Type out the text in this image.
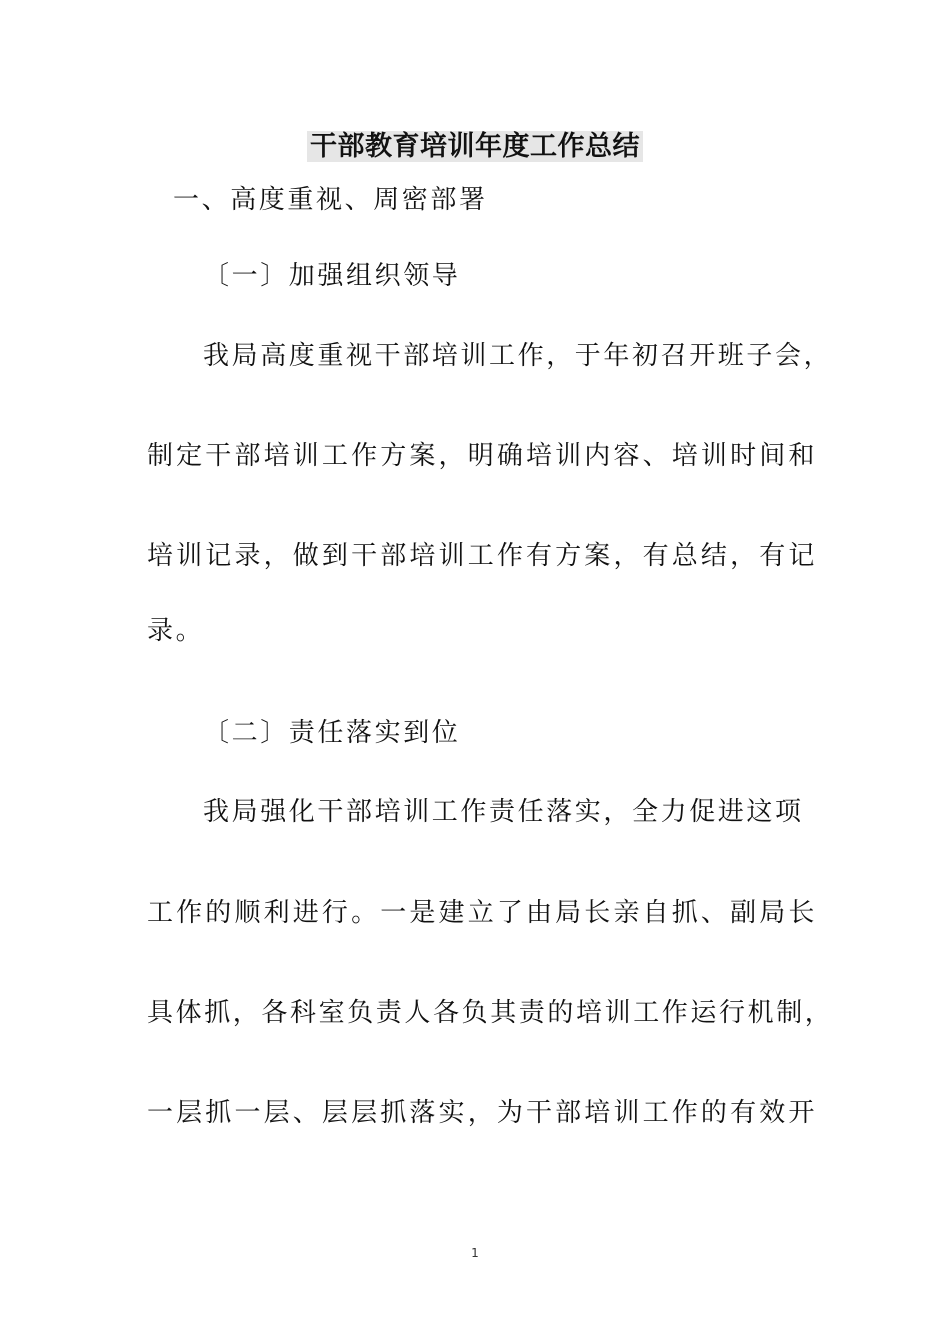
干部教育培训年度工作总结
一、高度重视、周密部署
〔一〕加强组织领导
我局高度重视干部培训工作，于年初召开班子会，
制定干部培训工作方案，明确培训内容、培训时间和
培训记录，做到干部培训工作有方案，有总结，有记
录。
〔二〕责任落实到位
我局强化干部培训工作责任落实，全力促进这项
工作的顺利进行。一是建立了由局长亲自抓、副局长
具体抓，各科室负责人各负其责的培训工作运行机制，
一层抓一层、层层抓落实，为干部培训工作的有效开
1
